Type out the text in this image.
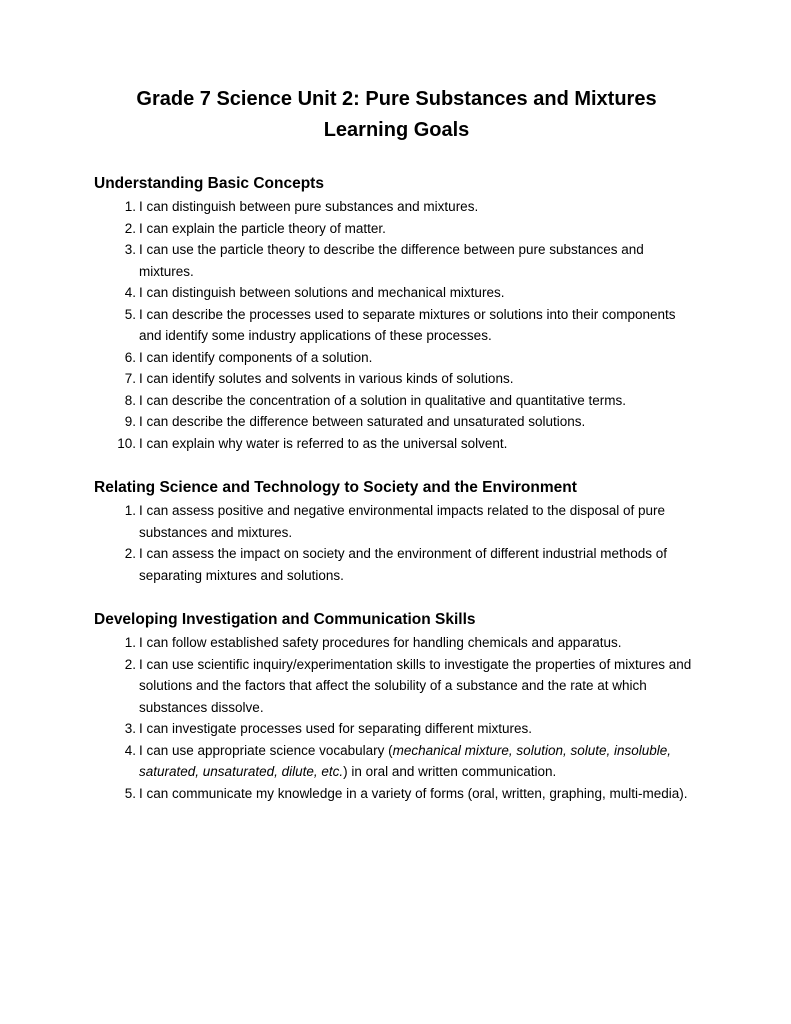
Grade 7 Science Unit 2: Pure Substances and Mixtures
Learning Goals
Understanding Basic Concepts
1. I can distinguish between pure substances and mixtures.
2. I can explain the particle theory of matter.
3. I can use the particle theory to describe the difference between pure substances and mixtures.
4. I can distinguish between solutions and mechanical mixtures.
5. I can describe the processes used to separate mixtures or solutions into their components and identify some industry applications of these processes.
6. I can identify components of a solution.
7. I can identify solutes and solvents in various kinds of solutions.
8. I can describe the concentration of a solution in qualitative and quantitative terms.
9. I can describe the difference between saturated and unsaturated solutions.
10. I can explain why water is referred to as the universal solvent.
Relating Science and Technology to Society and the Environment
1. I can assess positive and negative environmental impacts related to the disposal of pure substances and mixtures.
2. I can assess the impact on society and the environment of different industrial methods of separating mixtures and solutions.
Developing Investigation and Communication Skills
1. I can follow established safety procedures for handling chemicals and apparatus.
2. I can use scientific inquiry/experimentation skills to investigate the properties of mixtures and solutions and the factors that affect the solubility of a substance and the rate at which substances dissolve.
3. I can investigate processes used for separating different mixtures.
4. I can use appropriate science vocabulary (mechanical mixture, solution, solute, insoluble, saturated, unsaturated, dilute, etc.) in oral and written communication.
5. I can communicate my knowledge in a variety of forms (oral, written, graphing, multi-media).
